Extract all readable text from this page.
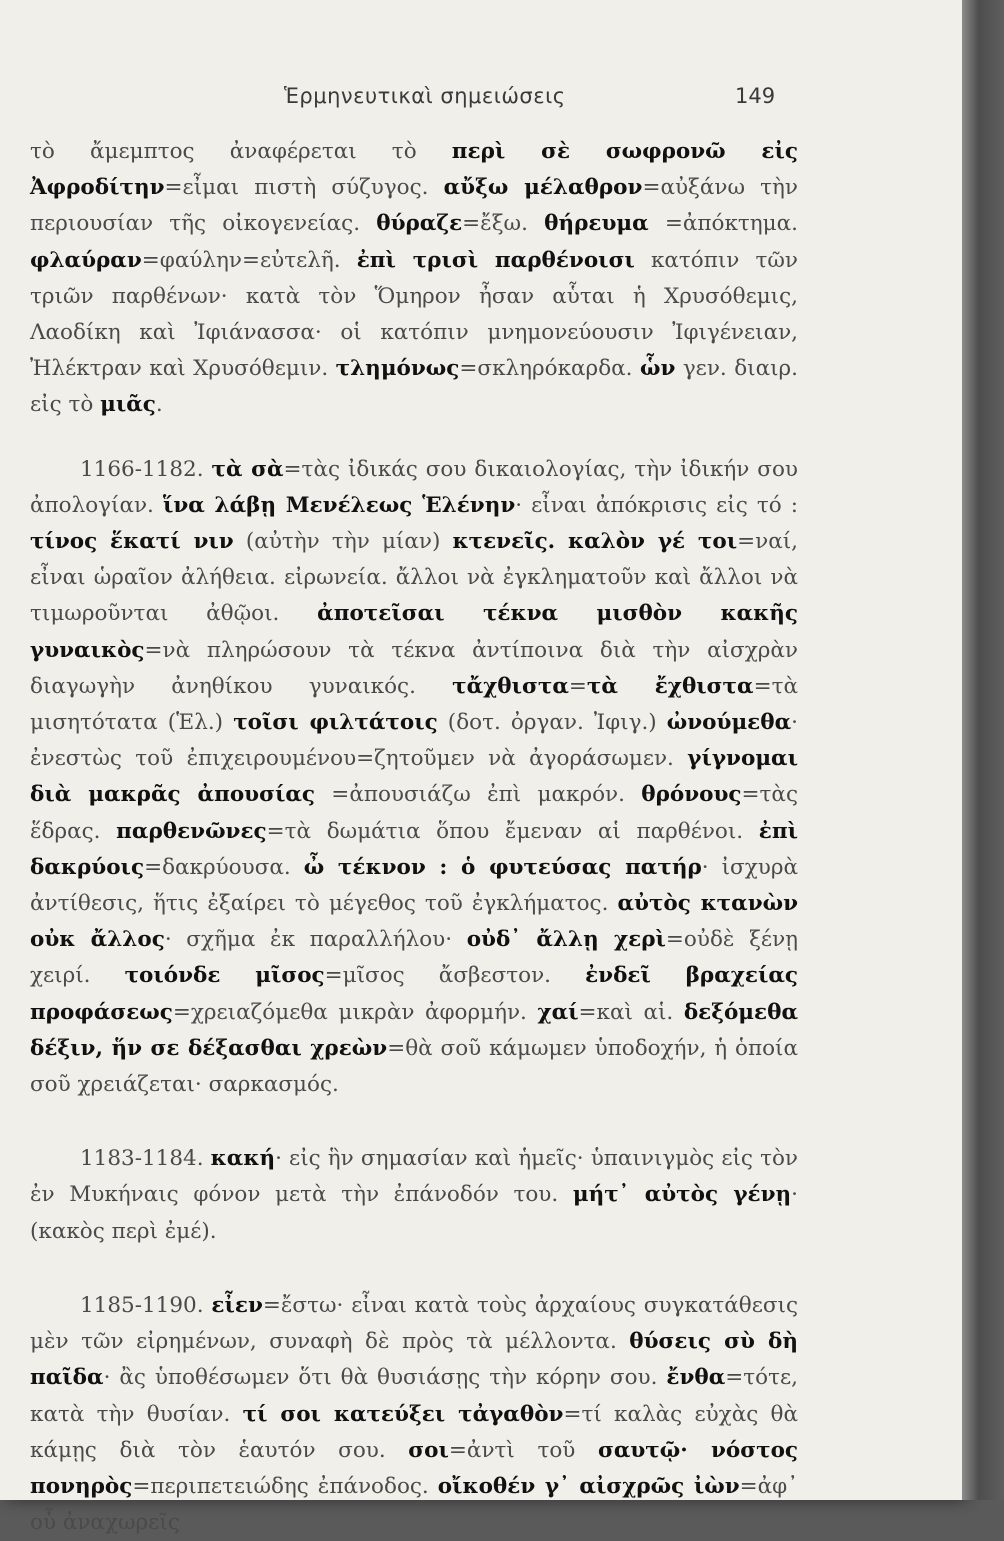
Ἑρμηνευτικαὶ σημειώσεις	149

τὸ ἄμεμπτος ἀναφέρεται τὸ περὶ σὲ σωφρονῶ εἰς Ἀφροδίτην=εἶμαι πιστὴ σύζυγος. αὔξω μέλαθρον=αὐξάνω τὴν περιουσίαν τῆς οἰκογενείας. θύραζε=ἔξω. θήρευμα =ἀπόκτημα. φλαύραν=φαύλην=εὐτελῆ. ἐπὶ τρισὶ παρθένοισι κατόπιν τῶν τριῶν παρθένων· κατὰ τὸν Ὅμηρον ἦσαν αὗται ἡ Χρυσόθεμις, Λαοδίκη καὶ Ἰφιάνασσα· οἱ κατόπιν μνημονεύουσιν Ἰφιγένειαν, Ἠλέκτραν καὶ Χρυσόθεμιν. τλημόνως=σκληρόκαρδα. ὧν γεν. διαιρ. εἰς τὸ μιᾶς.

1166-1182. τὰ σὰ=τὰς ἰδικάς σου δικαιολογίας, τὴν ἰδικήν σου ἀπολογίαν. ἵνα λάβῃ Μενέλεως Ἑλένην· εἶναι ἀπόκρισις εἰς τό : τίνος ἕκατί νιν (αὐτὴν τὴν μίαν) κτενεῖς. καλὸν γέ τοι=ναί, εἶναι ὡραῖον ἀλήθεια. εἰρωνεία. ἄλλοι νὰ ἐγκληματοῦν καὶ ἄλλοι νὰ τιμωροῦνται ἀθῷοι. ἀποτεῖσαι τέκνα μισθὸν κακῆς γυναικὸς=νὰ πληρώσουν τὰ τέκνα ἀντίποινα διὰ τὴν αἰσχρὰν διαγωγὴν ἀνηθίκου γυναικός. τἄχθιστα=τὰ ἔχθιστα=τὰ μισητότατα (Ἑλ.) τοῖσι φιλτάτοις (δοτ. ὀργαν. Ἰφιγ.) ὠνούμεθα· ἐνεστὼς τοῦ ἐπιχειρουμένου=ζητοῦμεν νὰ ἀγοράσωμεν. γίγνομαι διὰ μακρᾶς ἀπουσίας =ἀπουσιάζω ἐπὶ μακρόν. θρόνους=τὰς ἕδρας. παρθενῶνες=τὰ δωμάτια ὅπου ἔμεναν αἱ παρθένοι. ἐπὶ δακρύοις=δακρύουσα. ὦ τέκνον : ὁ φυτεύσας πατήρ· ἰσχυρὰ ἀντίθεσις, ἥτις ἐξαίρει τὸ μέγεθος τοῦ ἐγκλήματος. αὐτὸς κτανὼν οὐκ ἄλλος· σχῆμα ἐκ παραλλήλου· οὐδ᾽ ἄλλῃ χερὶ=οὐδὲ ξένῃ χειρί. τοιόνδε μῖσος=μῖσος ἄσβεστον. ἐνδεῖ βραχείας προφάσεως=χρειαζόμεθα μικρὰν ἀφορμήν. χαί=καὶ αἱ. δεξόμεθα δέξιν, ἥν σε δέξασθαι χρεὼν=θὰ σοῦ κάμωμεν ὑποδοχήν, ἡ ὁποία σοῦ χρειάζεται· σαρκασμός.

1183-1184. κακή· εἰς ἣν σημασίαν καὶ ἡμεῖς· ὑπαινιγμὸς εἰς τὸν ἐν Μυκήναις φόνον μετὰ τὴν ἐπάνοδόν του. μήτ᾽ αὐτὸς γένῃ· (κακὸς περὶ ἐμέ).

1185-1190. εἶεν=ἔστω· εἶναι κατὰ τοὺς ἀρχαίους συγκατάθεσις μὲν τῶν εἰρημένων, συναφὴ δὲ πρὸς τὰ μέλλοντα. θύσεις σὺ δὴ παῖδα· ἂς ὑποθέσωμεν ὅτι θὰ θυσιάσῃς τὴν κόρην σου. ἔνθα=τότε, κατὰ τὴν θυσίαν. τί σοι κατεύξει τἀγαθὸν=τί καλὰς εὐχὰς θὰ κάμῃς διὰ τὸν ἑαυτόν σου. σοι=ἀντὶ τοῦ σαυτῷ· νόστος πονηρὸς=περιπετειώδης ἐπάνοδος. οἴκοθέν γ᾽ αἰσχρῶς ἰὼν=ἀφ᾽ οὗ ἀναχωρεῖς
